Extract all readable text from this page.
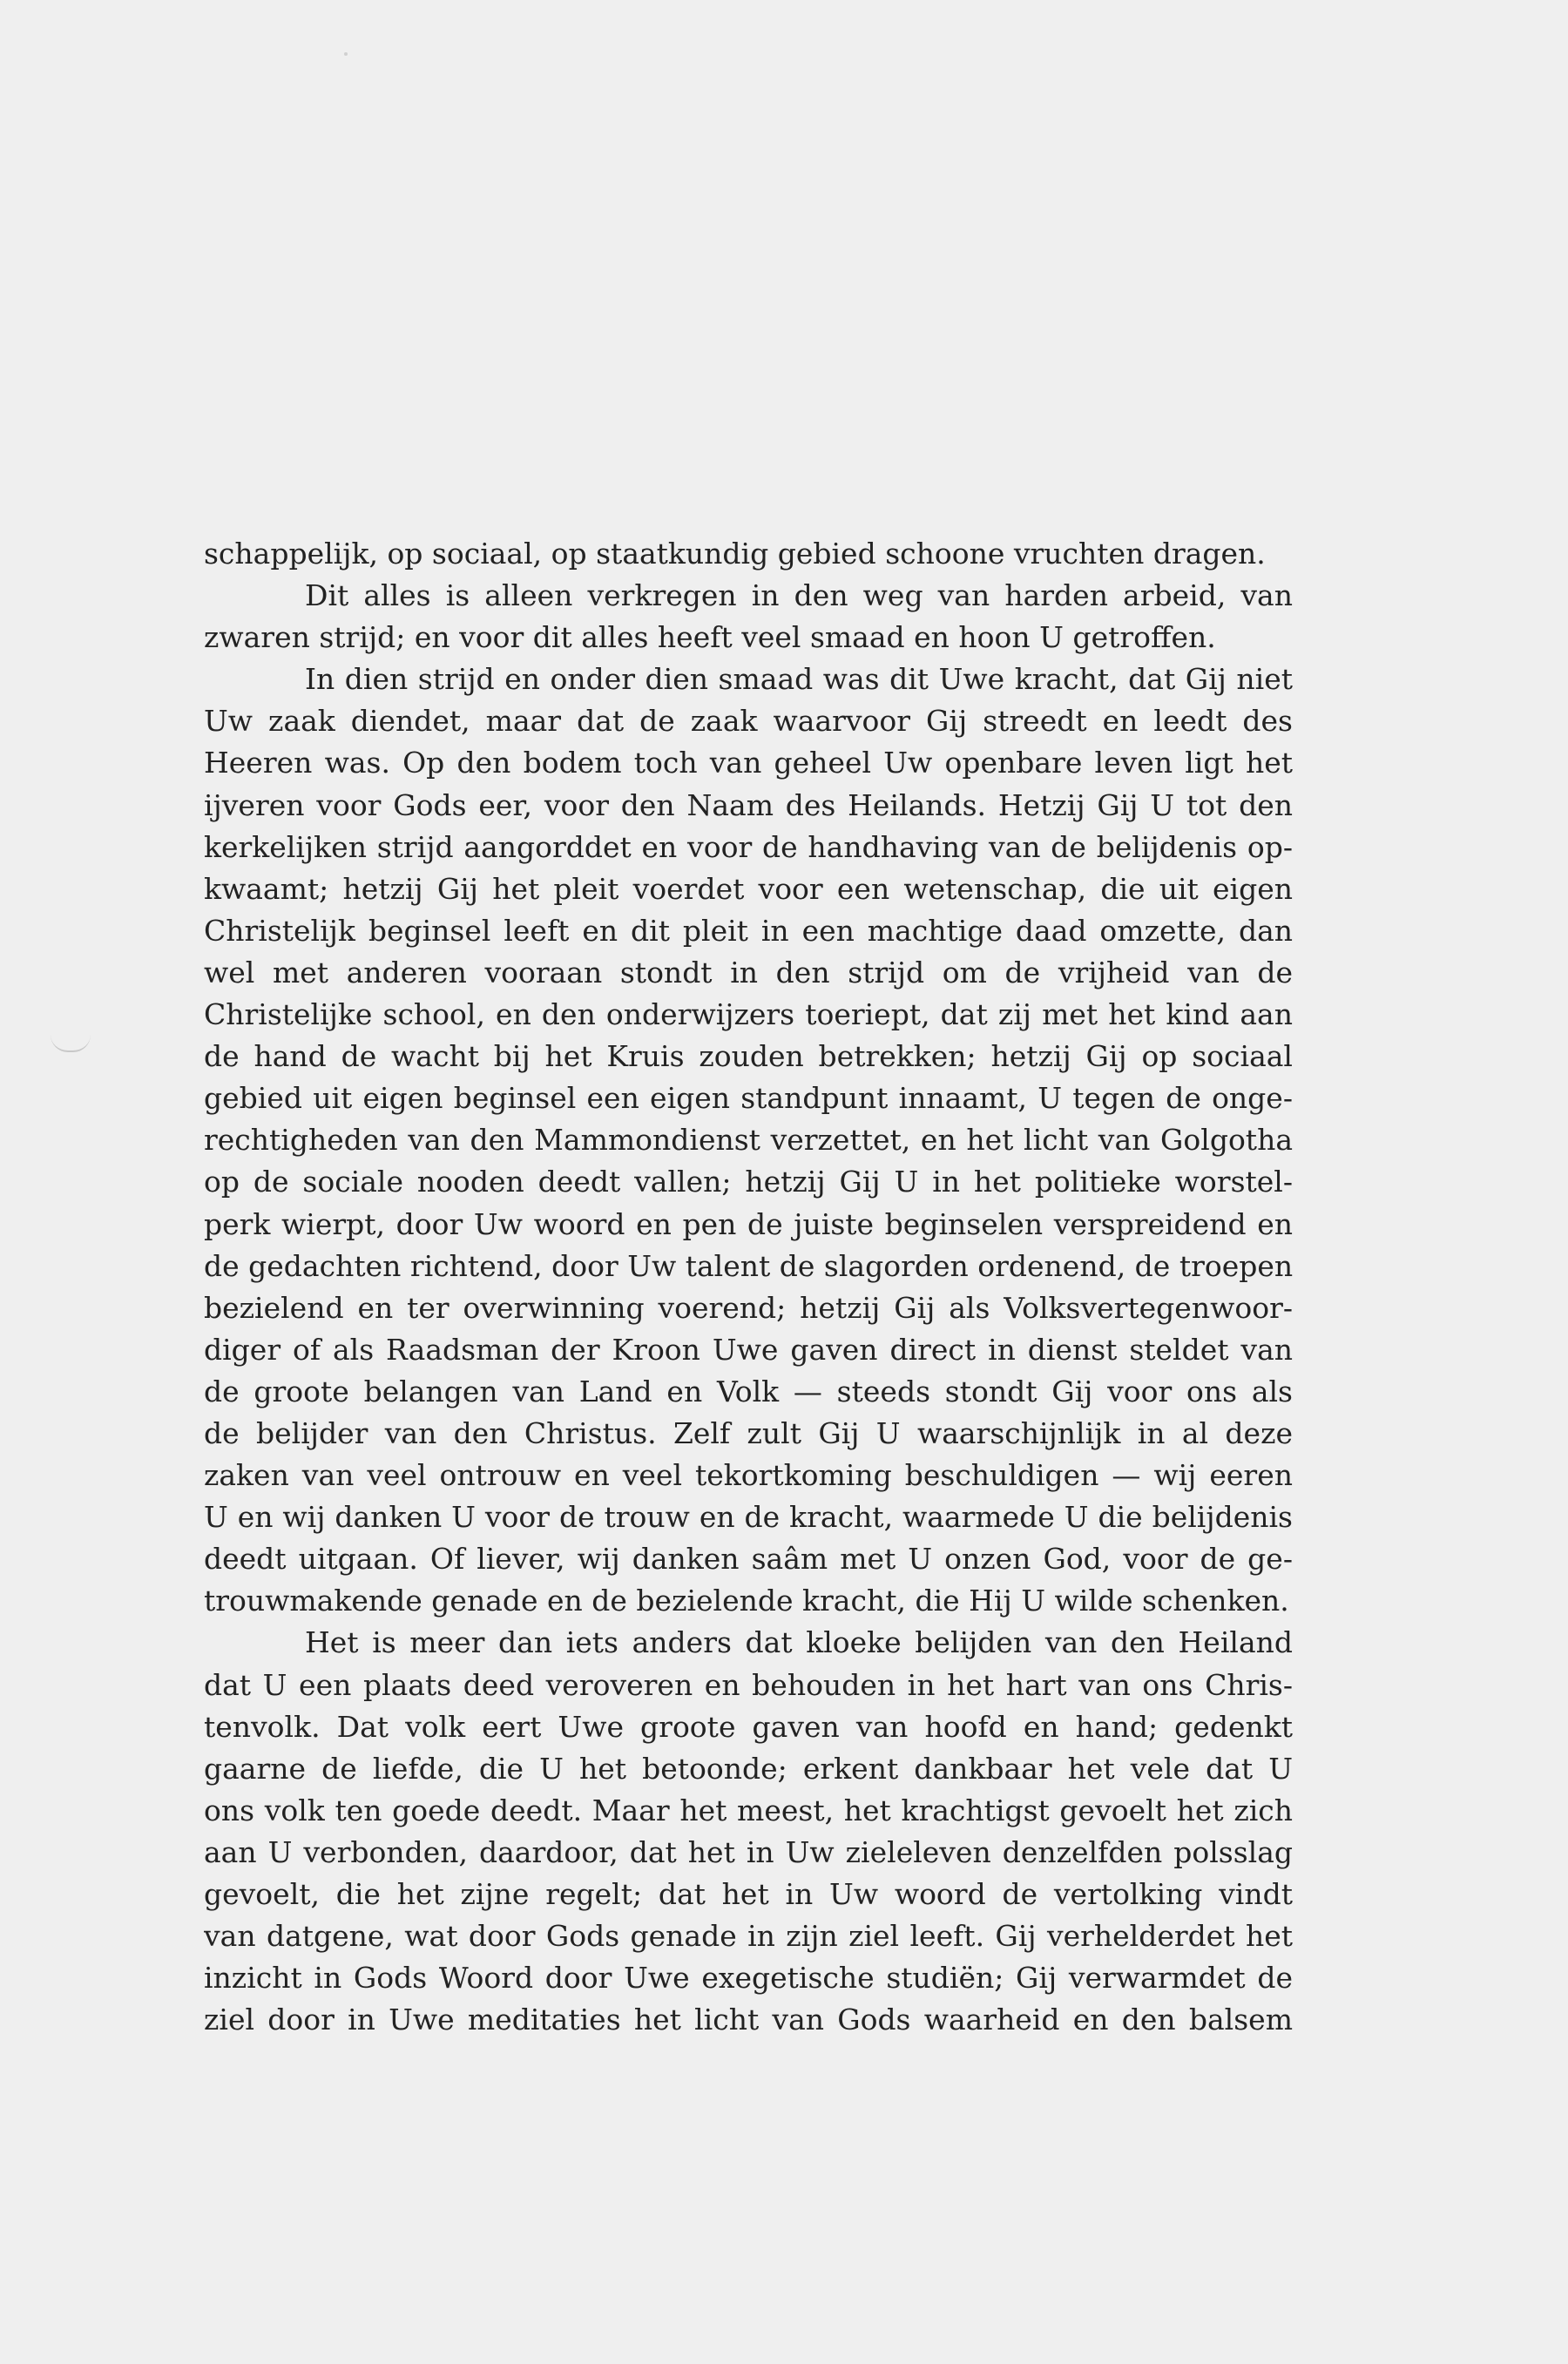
schappelijk, op sociaal, op staatkundig gebied schoone vruchten dragen.
Dit alles is alleen verkregen in den weg van harden arbeid, van
zwaren strijd; en voor dit alles heeft veel smaad en hoon U getroffen.
In dien strijd en onder dien smaad was dit Uwe kracht, dat Gij niet
Uw zaak diendet, maar dat de zaak waarvoor Gij streedt en leedt des
Heeren was. Op den bodem toch van geheel Uw openbare leven ligt het
ijveren voor Gods eer, voor den Naam des Heilands. Hetzij Gij U tot den
kerkelijken strijd aangorddet en voor de handhaving van de belijdenis op-
kwaamt; hetzij Gij het pleit voerdet voor een wetenschap, die uit eigen
Christelijk beginsel leeft en dit pleit in een machtige daad omzette, dan
wel met anderen vooraan stondt in den strijd om de vrijheid van de
Christelijke school, en den onderwijzers toeriept, dat zij met het kind aan
de hand de wacht bij het Kruis zouden betrekken; hetzij Gij op sociaal
gebied uit eigen beginsel een eigen standpunt innaamt, U tegen de onge-
rechtigheden van den Mammondienst verzettet, en het licht van Golgotha
op de sociale nooden deedt vallen; hetzij Gij U in het politieke worstel-
perk wierpt, door Uw woord en pen de juiste beginselen verspreidend en
de gedachten richtend, door Uw talent de slagorden ordenend, de troepen
bezielend en ter overwinning voerend; hetzij Gij als Volksvertegenwoor-
diger of als Raadsman der Kroon Uwe gaven direct in dienst steldet van
de groote belangen van Land en Volk — steeds stondt Gij voor ons als
de belijder van den Christus. Zelf zult Gij U waarschijnlijk in al deze
zaken van veel ontrouw en veel tekortkoming beschuldigen — wij eeren
U en wij danken U voor de trouw en de kracht, waarmede U die belijdenis
deedt uitgaan. Of liever, wij danken saâm met U onzen God, voor de ge-
trouwmakende genade en de bezielende kracht, die Hij U wilde schenken.
Het is meer dan iets anders dat kloeke belijden van den Heiland
dat U een plaats deed veroveren en behouden in het hart van ons Chris-
tenvolk. Dat volk eert Uwe groote gaven van hoofd en hand; gedenkt
gaarne de liefde, die U het betoonde; erkent dankbaar het vele dat U
ons volk ten goede deedt. Maar het meest, het krachtigst gevoelt het zich
aan U verbonden, daardoor, dat het in Uw zieleleven denzelfden polsslag
gevoelt, die het zijne regelt; dat het in Uw woord de vertolking vindt
van datgene, wat door Gods genade in zijn ziel leeft. Gij verhelderdet het
inzicht in Gods Woord door Uwe exegetische studiën; Gij verwarmdet de
ziel door in Uwe meditaties het licht van Gods waarheid en den balsem
